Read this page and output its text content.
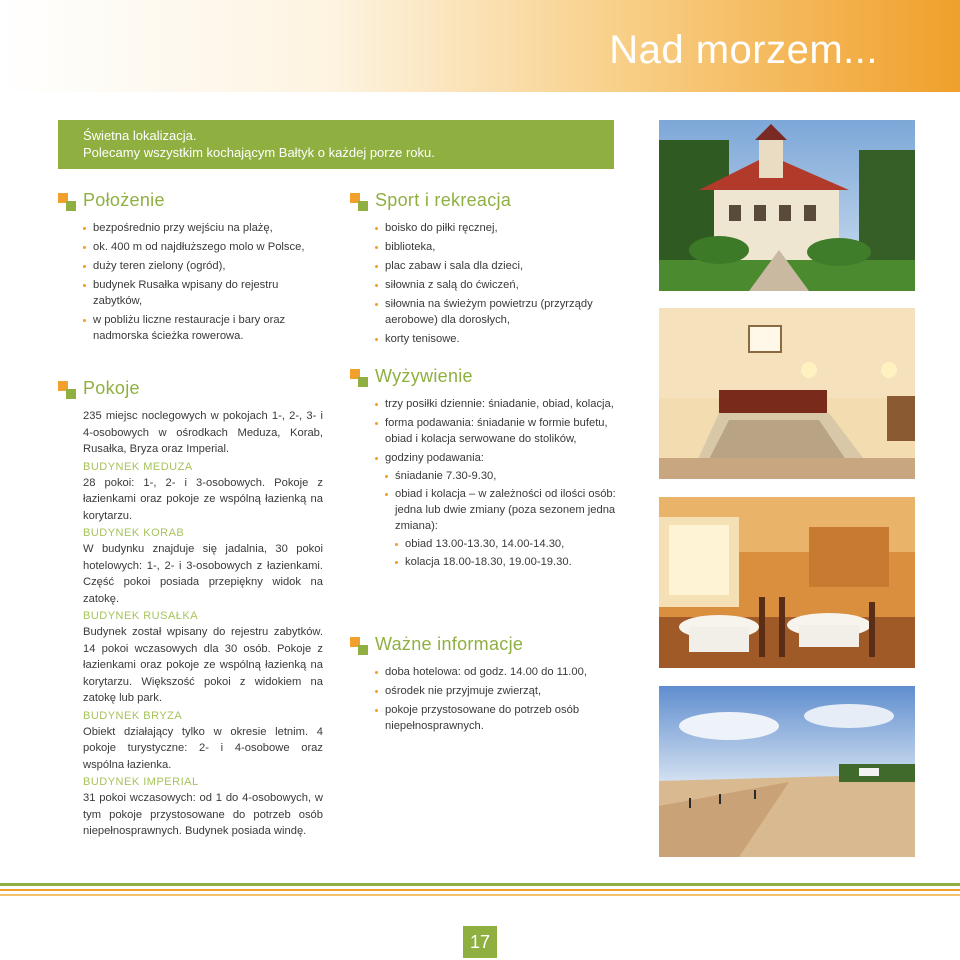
Nad morzem...
Świetna lokalizacja.
Polecamy wszystkim kochającym Bałtyk o każdej porze roku.
Położenie
bezpośrednio przy wejściu na plażę,
ok. 400 m od najdłuższego molo w Polsce,
duży teren zielony (ogród),
budynek Rusałka wpisany do rejestru zabytków,
w pobliżu liczne restauracje i bary oraz nadmorska ścieżka rowerowa.
Pokoje

235 miejsc noclegowych w pokojach 1-, 2-, 3- i 4-osobowych w ośrodkach Meduza, Korab, Rusałka, Bryza oraz Imperial.

BUDYNEK MEDUZA

28 pokoi: 1-, 2- i 3-osobowych. Pokoje z łazienkami oraz pokoje ze wspólną łazienką na korytarzu.

BUDYNEK KORAB

W budynku znajduje się jadalnia, 30 pokoi hotelowych: 1-, 2- i 3-osobowych z łazienkami. Część pokoi posiada przepiękny widok na zatokę.

BUDYNEK RUSAŁKA

Budynek został wpisany do rejestru zabytków. 14 pokoi wczasowych dla 30 osób. Pokoje z łazienkami oraz pokoje ze wspólną łazienką na korytarzu. Większość pokoi z widokiem na zatokę lub park.

BUDYNEK BRYZA

Obiekt działający tylko w okresie letnim. 4 pokoje turystyczne: 2- i 4-osobowe oraz wspólna łazienka.

BUDYNEK IMPERIAL

31 pokoi wczasowych: od 1 do 4-osobowych, w tym pokoje przystosowane do potrzeb osób niepełnosprawnych. Budynek posiada windę.

Sport i rekreacja
boisko do piłki ręcznej,
biblioteka,
plac zabaw i sala dla dzieci,
siłownia z salą do ćwiczeń,
siłownia na świeżym powietrzu (przyrządy aerobowe) dla dorosłych,
korty tenisowe.
Wyżywienie
trzy posiłki dziennie: śniadanie, obiad, kolacja,
forma podawania: śniadanie w formie bufetu, obiad i kolacja serwowane do stolików,
godziny podawania:
śniadanie 7.30-9.30,
obiad i kolacja – w zależności od ilości osób: jedna lub dwie zmiany (poza sezonem jedna zmiana):
obiad 13.00-13.30, 14.00-14.30,
kolacja 18.00-18.30, 19.00-19.30.
Ważne informacje
doba hotelowa: od godz. 14.00 do 11.00,
ośrodek nie przyjmuje zwierząt,
pokoje przystosowane do potrzeb osób niepełnosprawnych.
17
